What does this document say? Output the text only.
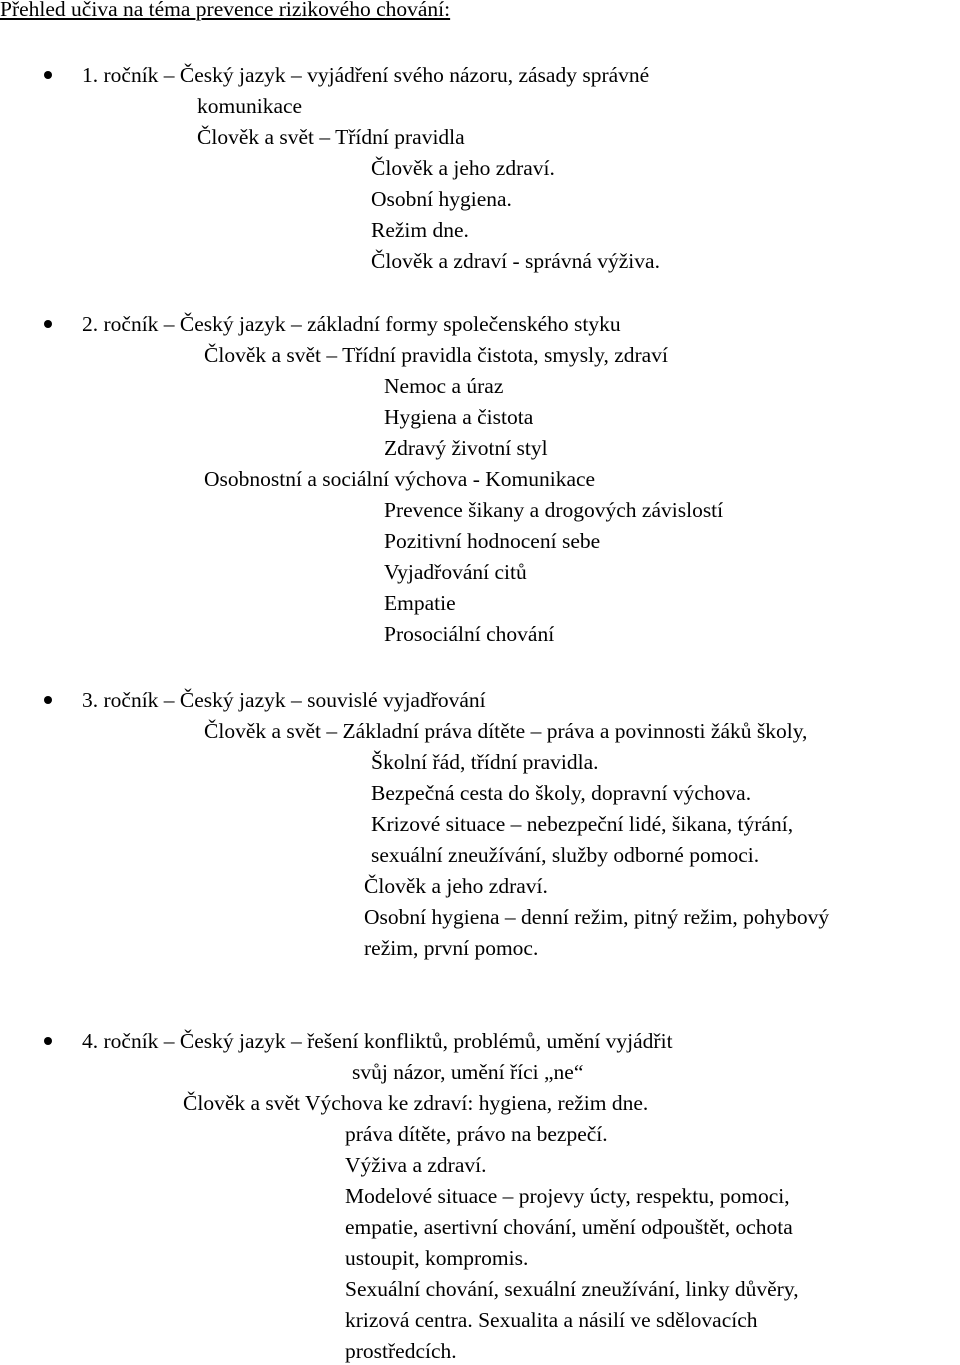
Přehled učiva na téma prevence rizikového chování:
1. ročník – Český jazyk – vyjádření svého názoru, zásady správné
komunikace
Člověk a svět – Třídní pravidla
Člověk a jeho zdraví.
Osobní hygiena.
Režim dne.
Člověk a zdraví - správná výživa.
2. ročník – Český jazyk – základní formy společenského styku
Člověk a svět – Třídní pravidla čistota, smysly, zdraví
Nemoc a úraz
Hygiena a čistota
Zdravý životní styl
Osobnostní a sociální výchova - Komunikace
Prevence šikany a drogových závislostí
Pozitivní hodnocení sebe
Vyjadřování citů
Empatie
Prosociální chování
3. ročník – Český jazyk – souvislé vyjadřování
Člověk a svět – Základní práva dítěte – práva a povinnosti žáků školy,
Školní řád, třídní pravidla.
Bezpečná cesta do školy, dopravní výchova.
Krizové situace – nebezpeční lidé, šikana, týrání,
sexuální zneužívání, služby odborné pomoci.
Člověk a jeho zdraví.
Osobní hygiena – denní režim, pitný režim, pohybový
režim, první pomoc.
4. ročník – Český jazyk – řešení konfliktů, problémů, umění vyjádřit
svůj názor, umění říci „ne“
Člověk a svět Výchova ke zdraví: hygiena, režim dne.
práva dítěte, právo na bezpečí.
Výživa a zdraví.
Modelové situace – projevy úcty, respektu, pomoci,
empatie, asertivní chování, umění odpouštět, ochota
ustoupit, kompromis.
Sexuální chování, sexuální zneužívání, linky důvěry,
krizová centra. Sexualita a násilí ve sdělovacích
prostředcích.
